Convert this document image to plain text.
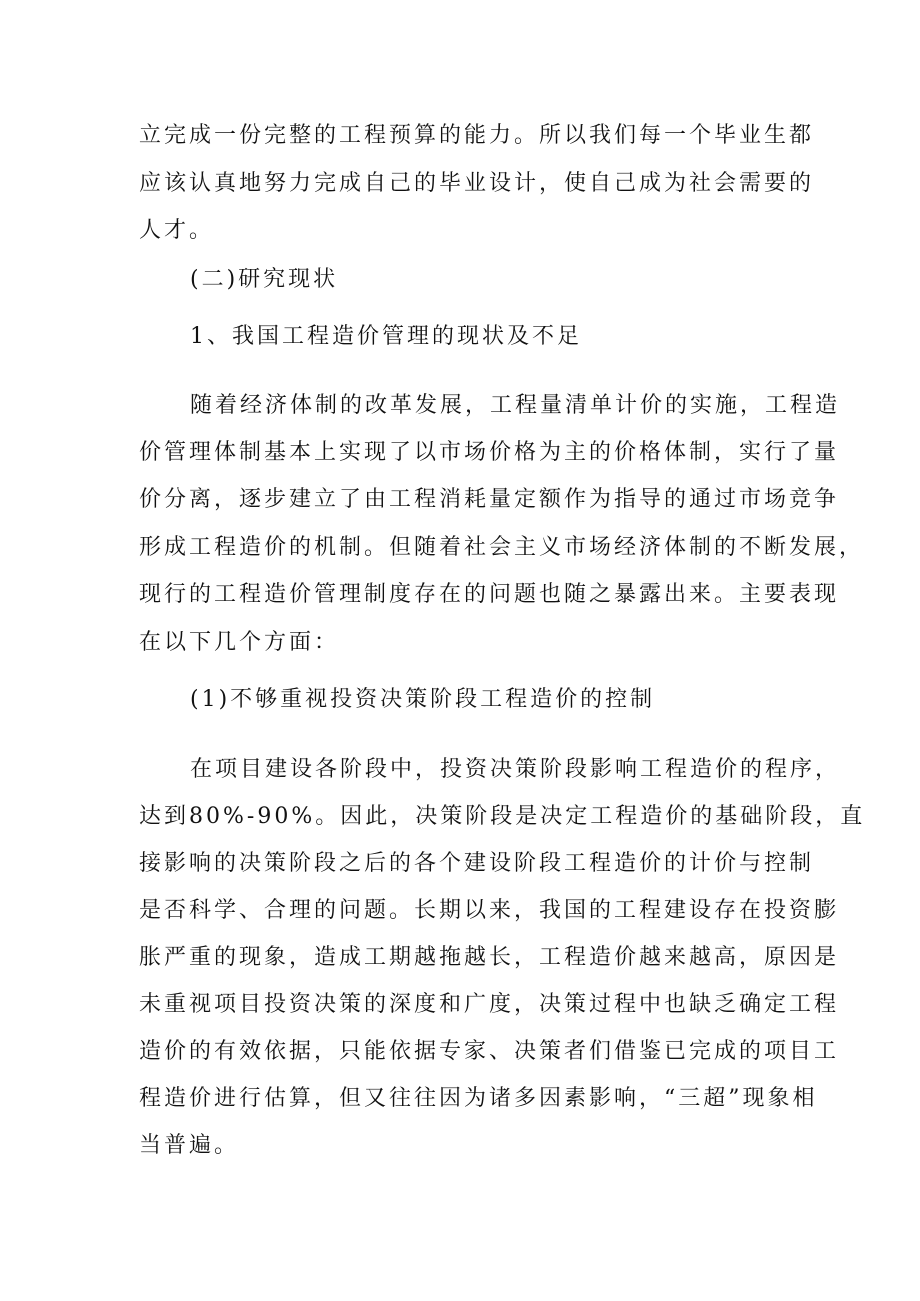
立完成一份完整的工程预算的能力。所以我们每一个毕业生都
应该认真地努力完成自己的毕业设计，使自己成为社会需要的
人才。
(二)研究现状
1、我国工程造价管理的现状及不足
随着经济体制的改革发展，工程量清单计价的实施，工程造
价管理体制基本上实现了以市场价格为主的价格体制，实行了量
价分离，逐步建立了由工程消耗量定额作为指导的通过市场竞争
形成工程造价的机制。但随着社会主义市场经济体制的不断发展，
现行的工程造价管理制度存在的问题也随之暴露出来。主要表现
在以下几个方面：
(1)不够重视投资决策阶段工程造价的控制
在项目建设各阶段中，投资决策阶段影响工程造价的程序，
达到80%-90%。因此，决策阶段是决定工程造价的基础阶段，直
接影响的决策阶段之后的各个建设阶段工程造价的计价与控制
是否科学、合理的问题。长期以来，我国的工程建设存在投资膨
胀严重的现象，造成工期越拖越长，工程造价越来越高，原因是
未重视项目投资决策的深度和广度，决策过程中也缺乏确定工程
造价的有效依据，只能依据专家、决策者们借鉴已完成的项目工
程造价进行估算，但又往往因为诸多因素影响，“三超”现象相
当普遍。
